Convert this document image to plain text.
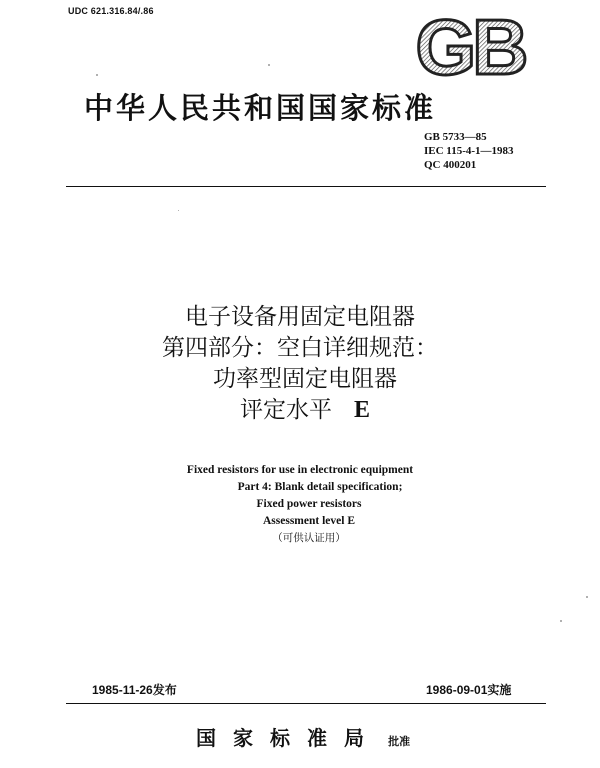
UDC 621.316.84/.86	GB
中华人民共和国国家标准
GB 5733—85
IEC 115-4-1—1983
QC 400201
电子设备用固定电阻器
第四部分：空白详细规范：
功率型固定电阻器
评定水平 E
Fixed resistors for use in electronic equipment
Part 4: Blank detail specification;
Fixed power resistors
Assessment level E
（可供认证用）
1985-11-26发布	1986-09-01实施
国家标准局 批准
